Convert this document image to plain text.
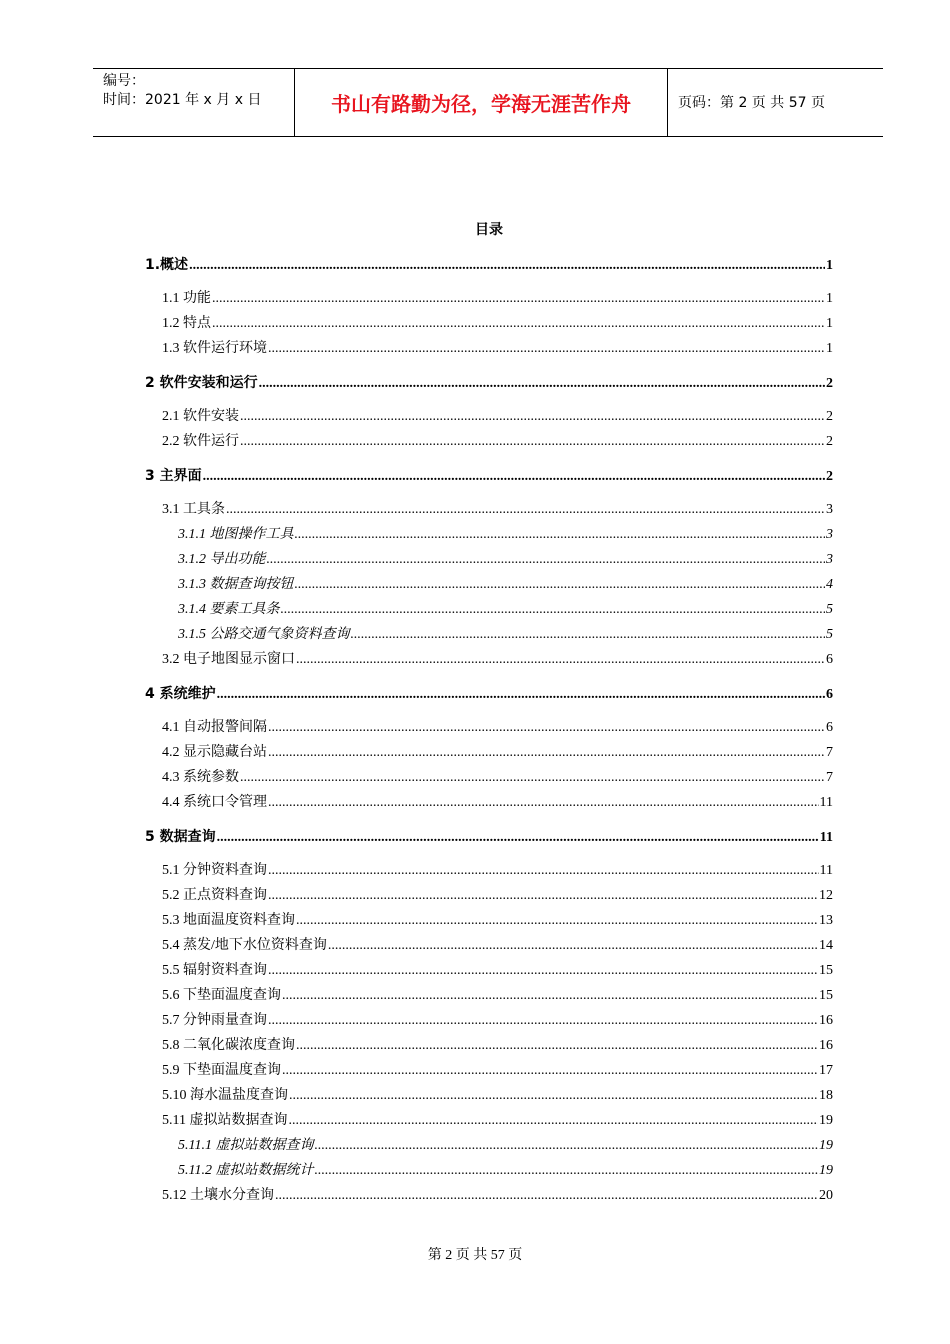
编号：
时间：2021 年 x 月 x 日	书山有路勤为径，学海无涯苦作舟	页码：第 2 页 共 57 页
目录
1.概述 .....	1
1.1 功能 .....	1
1.2 特点 .....	1
1.3 软件运行环境 .....	1
2 软件安装和运行 .....	2
2.1 软件安装 .....	2
2.2 软件运行 .....	2
3 主界面 .....	2
3.1 工具条 .....	3
3.1.1 地图操作工具 .....	3
3.1.2 导出功能 .....	3
3.1.3 数据查询按钮 .....	4
3.1.4 要素工具条 .....	5
3.1.5 公路交通气象资料查询 .....	5
3.2 电子地图显示窗口 .....	6
4 系统维护 .....	6
4.1 自动报警间隔 .....	6
4.2 显示隐藏台站 .....	7
4.3 系统参数 .....	7
4.4 系统口令管理 .....	11
5 数据查询 .....	11
5.1 分钟资料查询 .....	11
5.2 正点资料查询 .....	12
5.3 地面温度资料查询 .....	13
5.4 蒸发/地下水位资料查询 .....	14
5.5 辐射资料查询 .....	15
5.6 下垫面温度查询 .....	15
5.7 分钟雨量查询 .....	16
5.8 二氧化碳浓度查询 .....	16
5.9 下垫面温度查询 .....	17
5.10 海水温盐度查询 .....	18
5.11 虚拟站数据查询 .....	19
5.11.1 虚拟站数据查询 .....	19
5.11.2 虚拟站数据统计 .....	19
5.12 土壤水分查询 .....	20
第 2 页 共 57 页
